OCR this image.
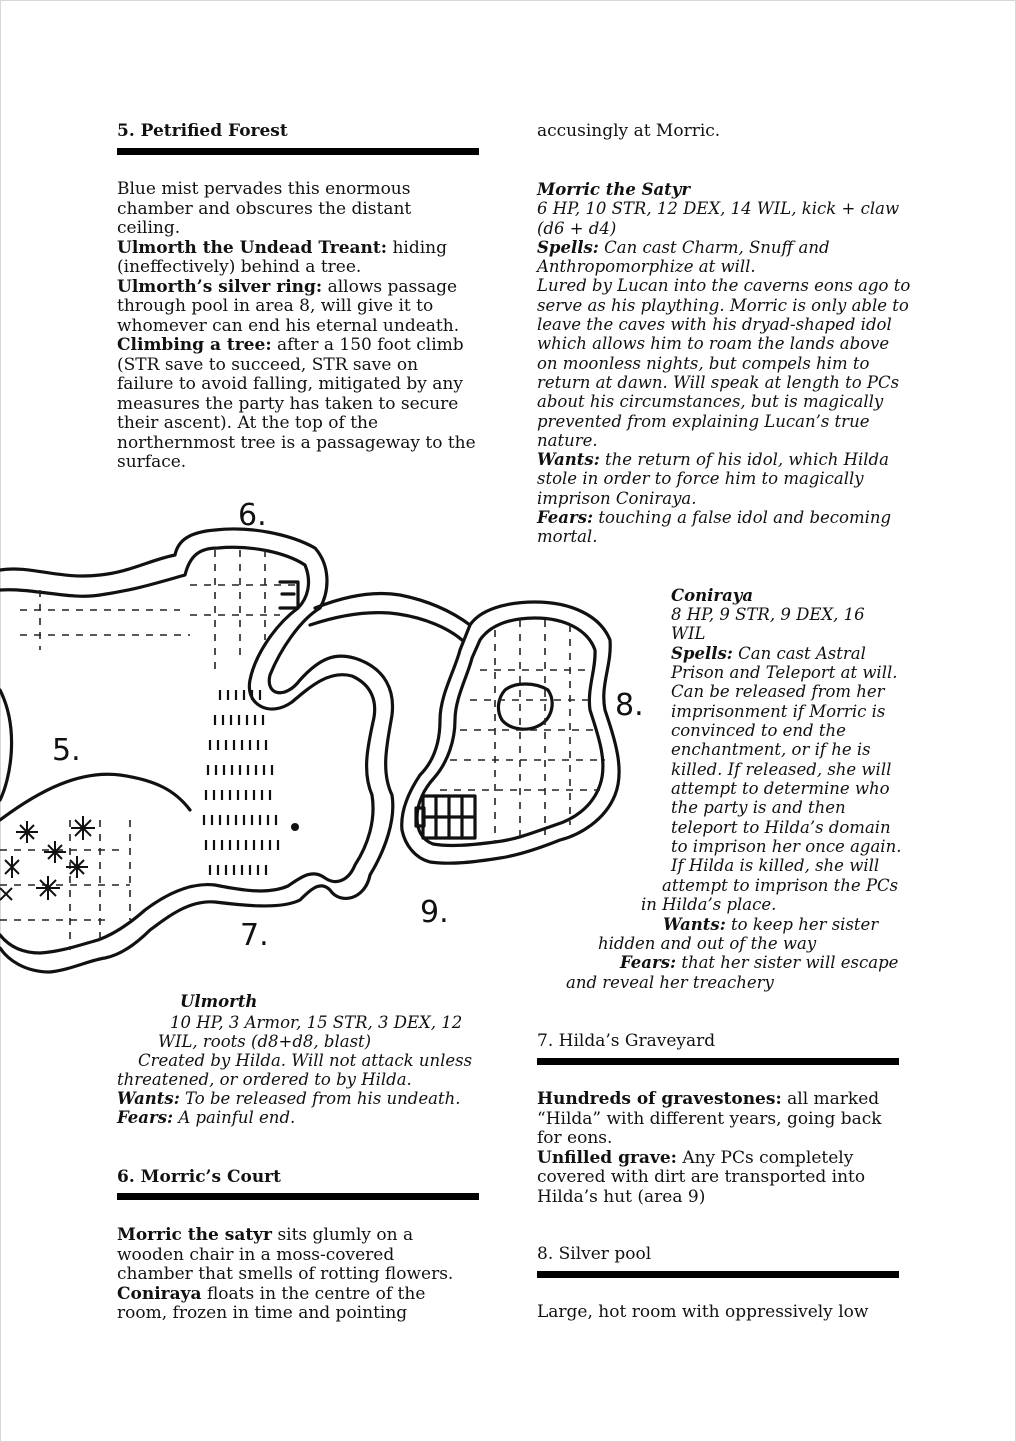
5. Petrified Forest
Blue mist pervades this enormous
chamber and obscures the distant
ceiling.
Ulmorth the Undead Treant: hiding
(ineffectively) behind a tree.
Ulmorth’s silver ring: allows passage
through pool in area 8, will give it to
whomever can end his eternal undeath.
Climbing a tree: after a 150 foot climb
(STR save to succeed, STR save on
failure to avoid falling, mitigated by any
measures the party has taken to secure
their ascent). At the top of the
northernmost tree is a passageway to the
surface.
5.
6.
7.
8.
9.
Ulmorth
10 HP, 3 Armor, 15 STR, 3 DEX, 12
WIL, roots (d8+d8, blast)
Created by Hilda. Will not attack unless
threatened, or ordered to by Hilda.
Wants: To be released from his undeath.
Fears: A painful end.
6. Morric’s Court
Morric the satyr sits glumly on a
wooden chair in a moss-covered
chamber that smells of rotting flowers.
Coniraya floats in the centre of the
room, frozen in time and pointing
accusingly at Morric.
Morric the Satyr
6 HP, 10 STR, 12 DEX, 14 WIL, kick + claw
(d6 + d4)
Spells: Can cast Charm, Snuff and
Anthropomorphize at will.
Lured by Lucan into the caverns eons ago to
serve as his plaything. Morric is only able to
leave the caves with his dryad-shaped idol
which allows him to roam the lands above
on moonless nights, but compels him to
return at dawn. Will speak at length to PCs
about his circumstances, but is magically
prevented from explaining Lucan’s true
nature.
Wants: the return of his idol, which Hilda
stole in order to force him to magically
imprison Coniraya.
Fears: touching a false idol and becoming
mortal.
Coniraya
8 HP, 9 STR, 9 DEX, 16
WIL
Spells: Can cast Astral
Prison and Teleport at will.
Can be released from her
imprisonment if Morric is
convinced to end the
enchantment, or if he is
killed. If released, she will
attempt to determine who
the party is and then
teleport to Hilda’s domain
to imprison her once again.
If Hilda is killed, she will
attempt to imprison the PCs
in Hilda’s place.
Wants: to keep her sister
hidden and out of the way
Fears: that her sister will escape
and reveal her treachery
7. Hilda’s Graveyard
Hundreds of gravestones: all marked
“Hilda” with different years, going back
for eons.
Unfilled grave: Any PCs completely
covered with dirt are transported into
Hilda’s hut (area 9)
8. Silver pool
Large, hot room with oppressively low
